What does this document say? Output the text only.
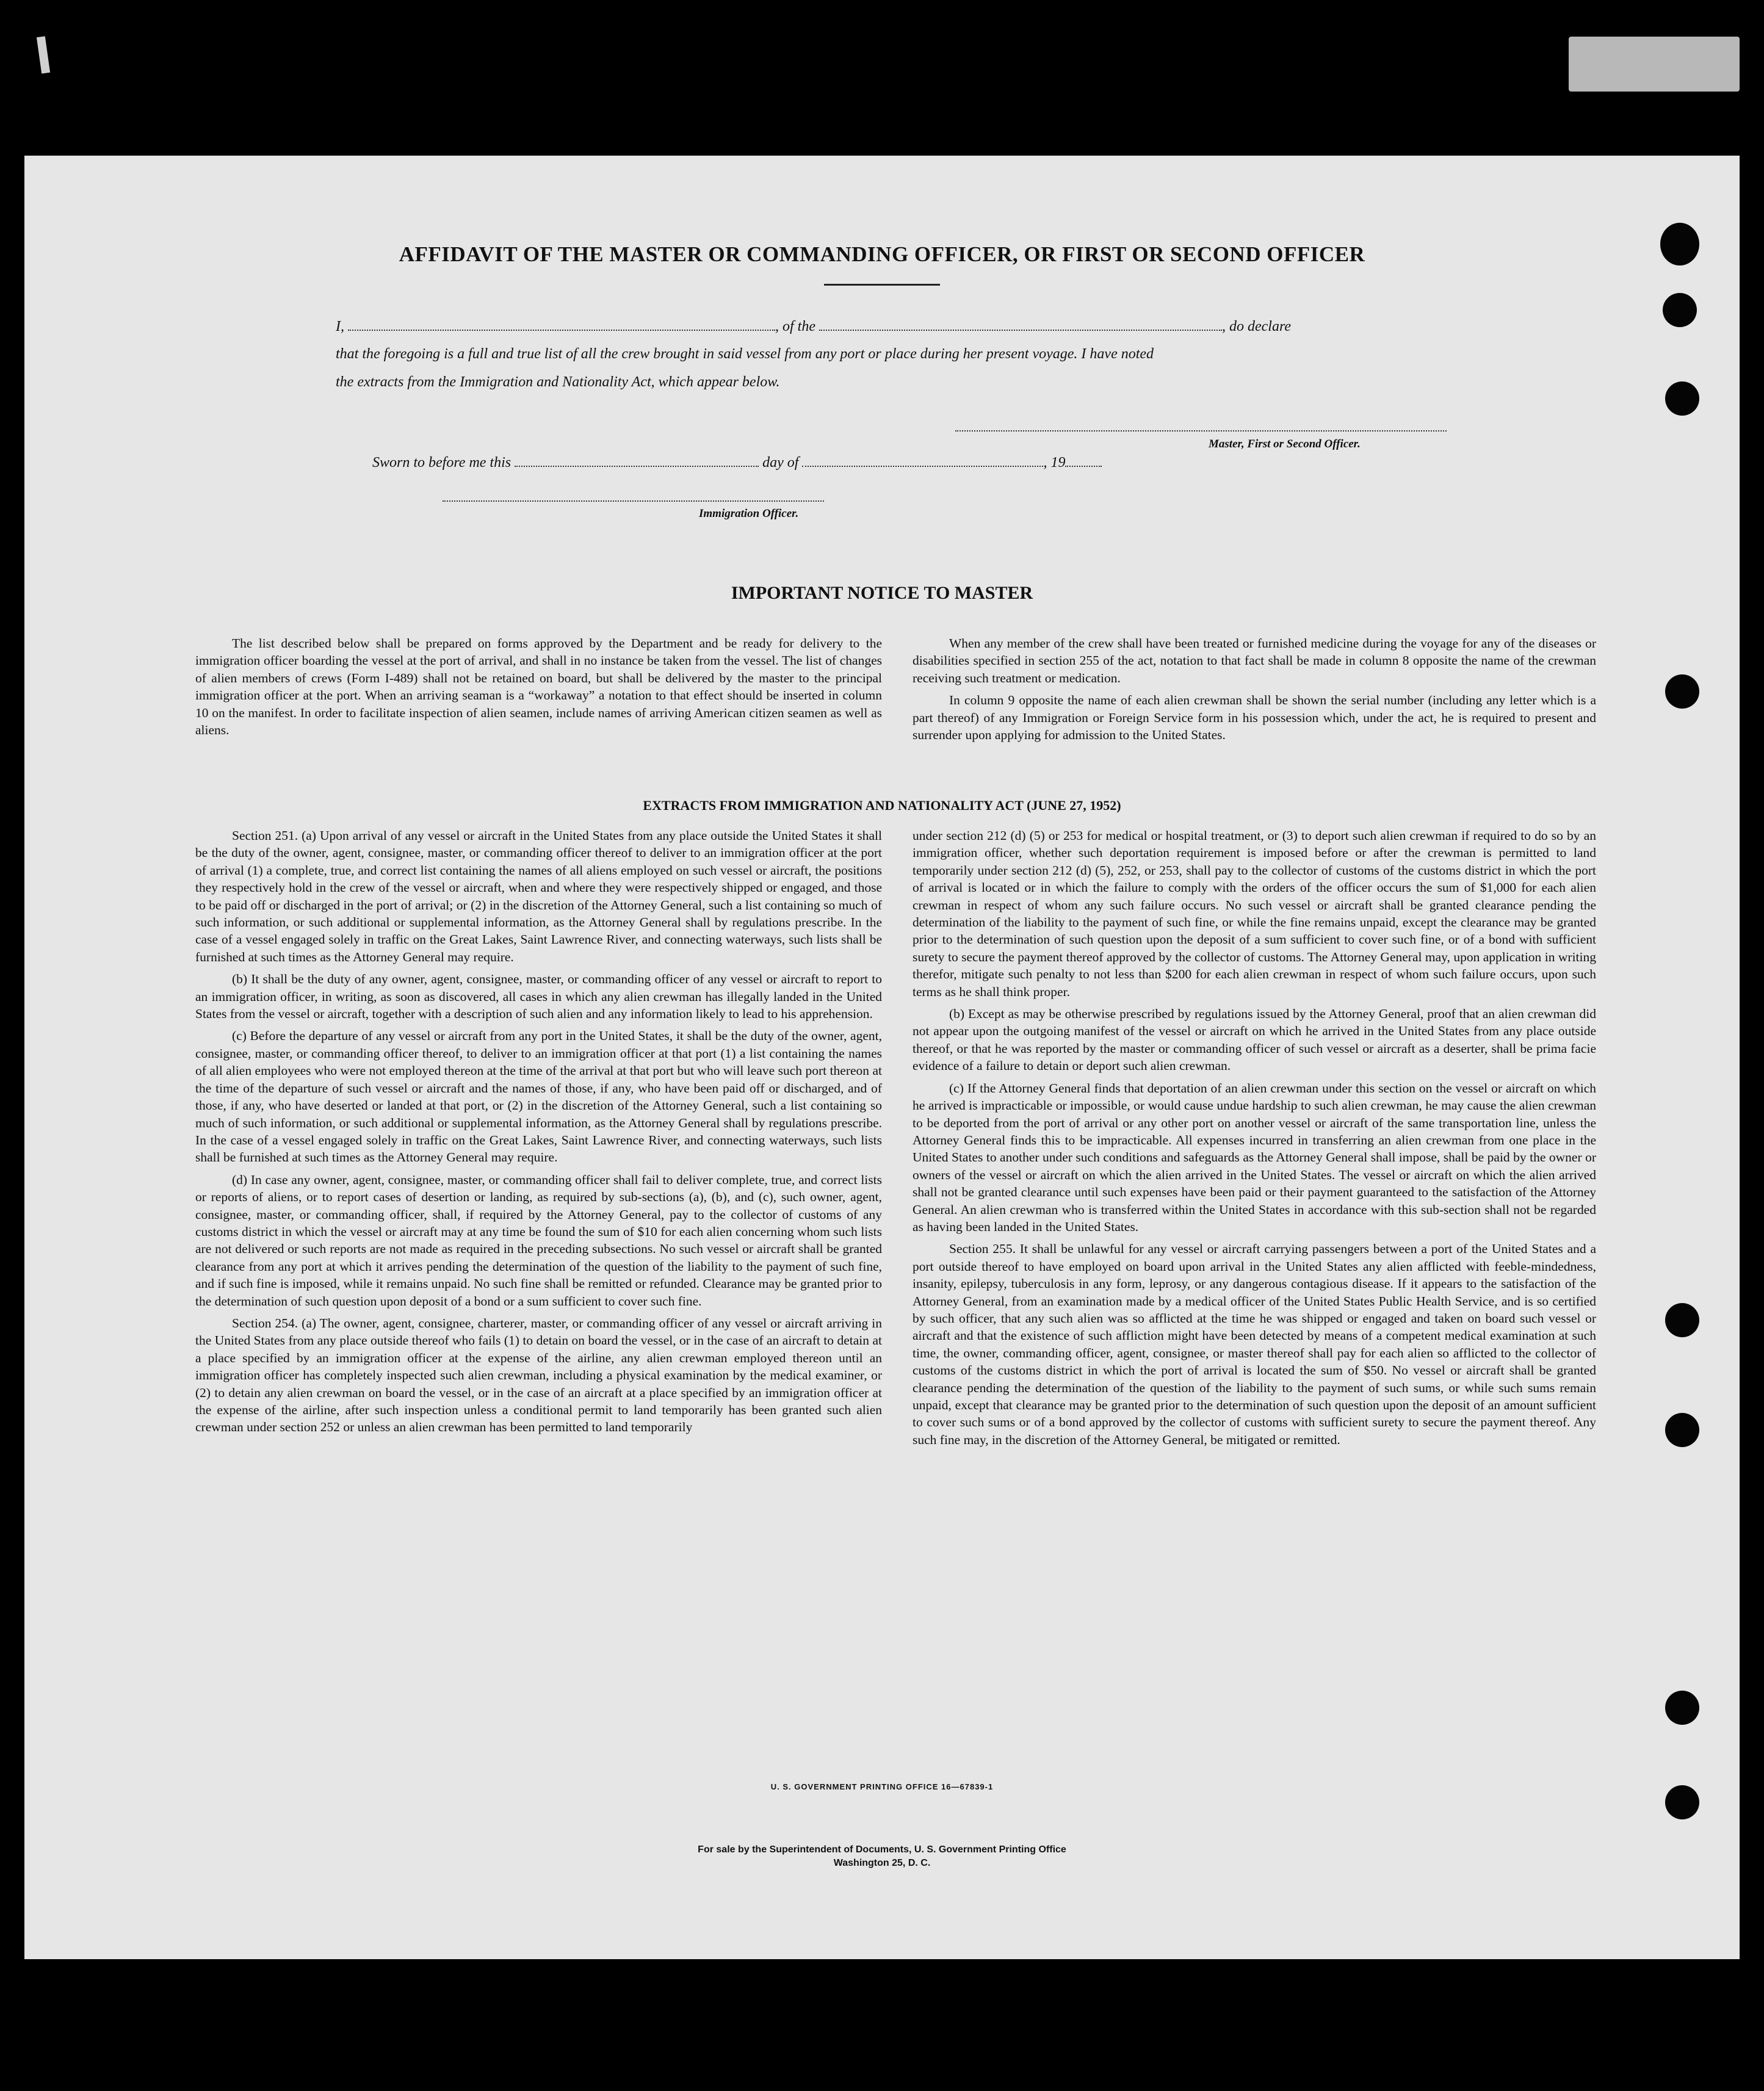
AFFIDAVIT OF THE MASTER OR COMMANDING OFFICER, OR FIRST OR SECOND OFFICER
I,	, of the	, do declare
that the foregoing is a full and true list of all the crew brought in said vessel from any port or place during her present voyage. I have noted
the extracts from the Immigration and Nationality Act, which appear below.
Master, First or Second Officer.
Sworn to before me this	day of	, 19
Immigration Officer.
IMPORTANT NOTICE TO MASTER

The list described below shall be prepared on forms approved by the Department and be ready for delivery to the immigration officer boarding the vessel at the port of arrival, and shall in no instance be taken from the vessel. The list of changes of alien members of crews (Form I-489) shall not be retained on board, but shall be delivered by the master to the principal immigration officer at the port. When an arriving seaman is a “workaway” a notation to that effect should be inserted in column 10 on the manifest. In order to facilitate inspection of alien seamen, include names of arriving American citizen seamen as well as aliens.

When any member of the crew shall have been treated or furnished medicine during the voyage for any of the diseases or disabilities specified in section 255 of the act, notation to that fact shall be made in column 8 opposite the name of the crewman receiving such treatment or medication.

In column 9 opposite the name of each alien crewman shall be shown the serial number (including any letter which is a part thereof) of any Immigration or Foreign Service form in his possession which, under the act, he is required to present and surrender upon applying for admission to the United States.

EXTRACTS FROM IMMIGRATION AND NATIONALITY ACT (JUNE 27, 1952)

Section 251. (a) Upon arrival of any vessel or aircraft in the United States from any place outside the United States it shall be the duty of the owner, agent, consignee, master, or commanding officer thereof to deliver to an immigration officer at the port of arrival (1) a complete, true, and correct list containing the names of all aliens employed on such vessel or aircraft, the positions they respectively hold in the crew of the vessel or aircraft, when and where they were respectively shipped or engaged, and those to be paid off or discharged in the port of arrival; or (2) in the discretion of the Attorney General, such a list containing so much of such information, or such additional or supplemental information, as the Attorney General shall by regulations prescribe. In the case of a vessel engaged solely in traffic on the Great Lakes, Saint Lawrence River, and connecting waterways, such lists shall be furnished at such times as the Attorney General may require.

(b) It shall be the duty of any owner, agent, consignee, master, or commanding officer of any vessel or aircraft to report to an immigration officer, in writing, as soon as discovered, all cases in which any alien crewman has illegally landed in the United States from the vessel or aircraft, together with a description of such alien and any information likely to lead to his apprehension.

(c) Before the departure of any vessel or aircraft from any port in the United States, it shall be the duty of the owner, agent, consignee, master, or commanding officer thereof, to deliver to an immigration officer at that port (1) a list containing the names of all alien employees who were not employed thereon at the time of the arrival at that port but who will leave such port thereon at the time of the departure of such vessel or aircraft and the names of those, if any, who have been paid off or discharged, and of those, if any, who have deserted or landed at that port, or (2) in the discretion of the Attorney General, such a list containing so much of such information, or such additional or supplemental information, as the Attorney General shall by regulations prescribe. In the case of a vessel engaged solely in traffic on the Great Lakes, Saint Lawrence River, and connecting waterways, such lists shall be furnished at such times as the Attorney General may require.

(d) In case any owner, agent, consignee, master, or commanding officer shall fail to deliver complete, true, and correct lists or reports of aliens, or to report cases of desertion or landing, as required by sub-sections (a), (b), and (c), such owner, agent, consignee, master, or commanding officer, shall, if required by the Attorney General, pay to the collector of customs of any customs district in which the vessel or aircraft may at any time be found the sum of $10 for each alien concerning whom such lists are not delivered or such reports are not made as required in the preceding subsections. No such vessel or aircraft shall be granted clearance from any port at which it arrives pending the determination of the question of the liability to the payment of such fine, and if such fine is imposed, while it remains unpaid. No such fine shall be remitted or refunded. Clearance may be granted prior to the determination of such question upon deposit of a bond or a sum sufficient to cover such fine.

Section 254. (a) The owner, agent, consignee, charterer, master, or commanding officer of any vessel or aircraft arriving in the United States from any place outside thereof who fails (1) to detain on board the vessel, or in the case of an aircraft to detain at a place specified by an immigration officer at the expense of the airline, any alien crewman employed thereon until an immigration officer has completely inspected such alien crewman, including a physical examination by the medical examiner, or (2) to detain any alien crewman on board the vessel, or in the case of an aircraft at a place specified by an immigration officer at the expense of the airline, after such inspection unless a conditional permit to land temporarily has been granted such alien crewman under section 252 or unless an alien crewman has been permitted to land temporarily

under section 212 (d) (5) or 253 for medical or hospital treatment, or (3) to deport such alien crewman if required to do so by an immigration officer, whether such deportation requirement is imposed before or after the crewman is permitted to land temporarily under section 212 (d) (5), 252, or 253, shall pay to the collector of customs of the customs district in which the port of arrival is located or in which the failure to comply with the orders of the officer occurs the sum of $1,000 for each alien crewman in respect of whom any such failure occurs. No such vessel or aircraft shall be granted clearance pending the determination of the liability to the payment of such fine, or while the fine remains unpaid, except the clearance may be granted prior to the determination of such question upon the deposit of a sum sufficient to cover such fine, or of a bond with sufficient surety to secure the payment thereof approved by the collector of customs. The Attorney General may, upon application in writing therefor, mitigate such penalty to not less than $200 for each alien crewman in respect of whom such failure occurs, upon such terms as he shall think proper.

(b) Except as may be otherwise prescribed by regulations issued by the Attorney General, proof that an alien crewman did not appear upon the outgoing manifest of the vessel or aircraft on which he arrived in the United States from any place outside thereof, or that he was reported by the master or commanding officer of such vessel or aircraft as a deserter, shall be prima facie evidence of a failure to detain or deport such alien crewman.

(c) If the Attorney General finds that deportation of an alien crewman under this section on the vessel or aircraft on which he arrived is impracticable or impossible, or would cause undue hardship to such alien crewman, he may cause the alien crewman to be deported from the port of arrival or any other port on another vessel or aircraft of the same transportation line, unless the Attorney General finds this to be impracticable. All expenses incurred in transferring an alien crewman from one place in the United States to another under such conditions and safeguards as the Attorney General shall impose, shall be paid by the owner or owners of the vessel or aircraft on which the alien arrived in the United States. The vessel or aircraft on which the alien arrived shall not be granted clearance until such expenses have been paid or their payment guaranteed to the satisfaction of the Attorney General. An alien crewman who is transferred within the United States in accordance with this sub-section shall not be regarded as having been landed in the United States.

Section 255. It shall be unlawful for any vessel or aircraft carrying passengers between a port of the United States and a port outside thereof to have employed on board upon arrival in the United States any alien afflicted with feeble-mindedness, insanity, epilepsy, tuberculosis in any form, leprosy, or any dangerous contagious disease. If it appears to the satisfaction of the Attorney General, from an examination made by a medical officer of the United States Public Health Service, and is so certified by such officer, that any such alien was so afflicted at the time he was shipped or engaged and taken on board such vessel or aircraft and that the existence of such affliction might have been detected by means of a competent medical examination at such time, the owner, commanding officer, agent, consignee, or master thereof shall pay for each alien so afflicted to the collector of customs of the customs district in which the port of arrival is located the sum of $50. No vessel or aircraft shall be granted clearance pending the determination of the question of the liability to the payment of such sums, or while such sums remain unpaid, except that clearance may be granted prior to the determination of such question upon the deposit of an amount sufficient to cover such sums or of a bond approved by the collector of customs with sufficient surety to secure the payment thereof. Any such fine may, in the discretion of the Attorney General, be mitigated or remitted.

U. S. GOVERNMENT PRINTING OFFICE 16—67839-1
For sale by the Superintendent of Documents, U. S. Government Printing Office
Washington 25, D. C.
